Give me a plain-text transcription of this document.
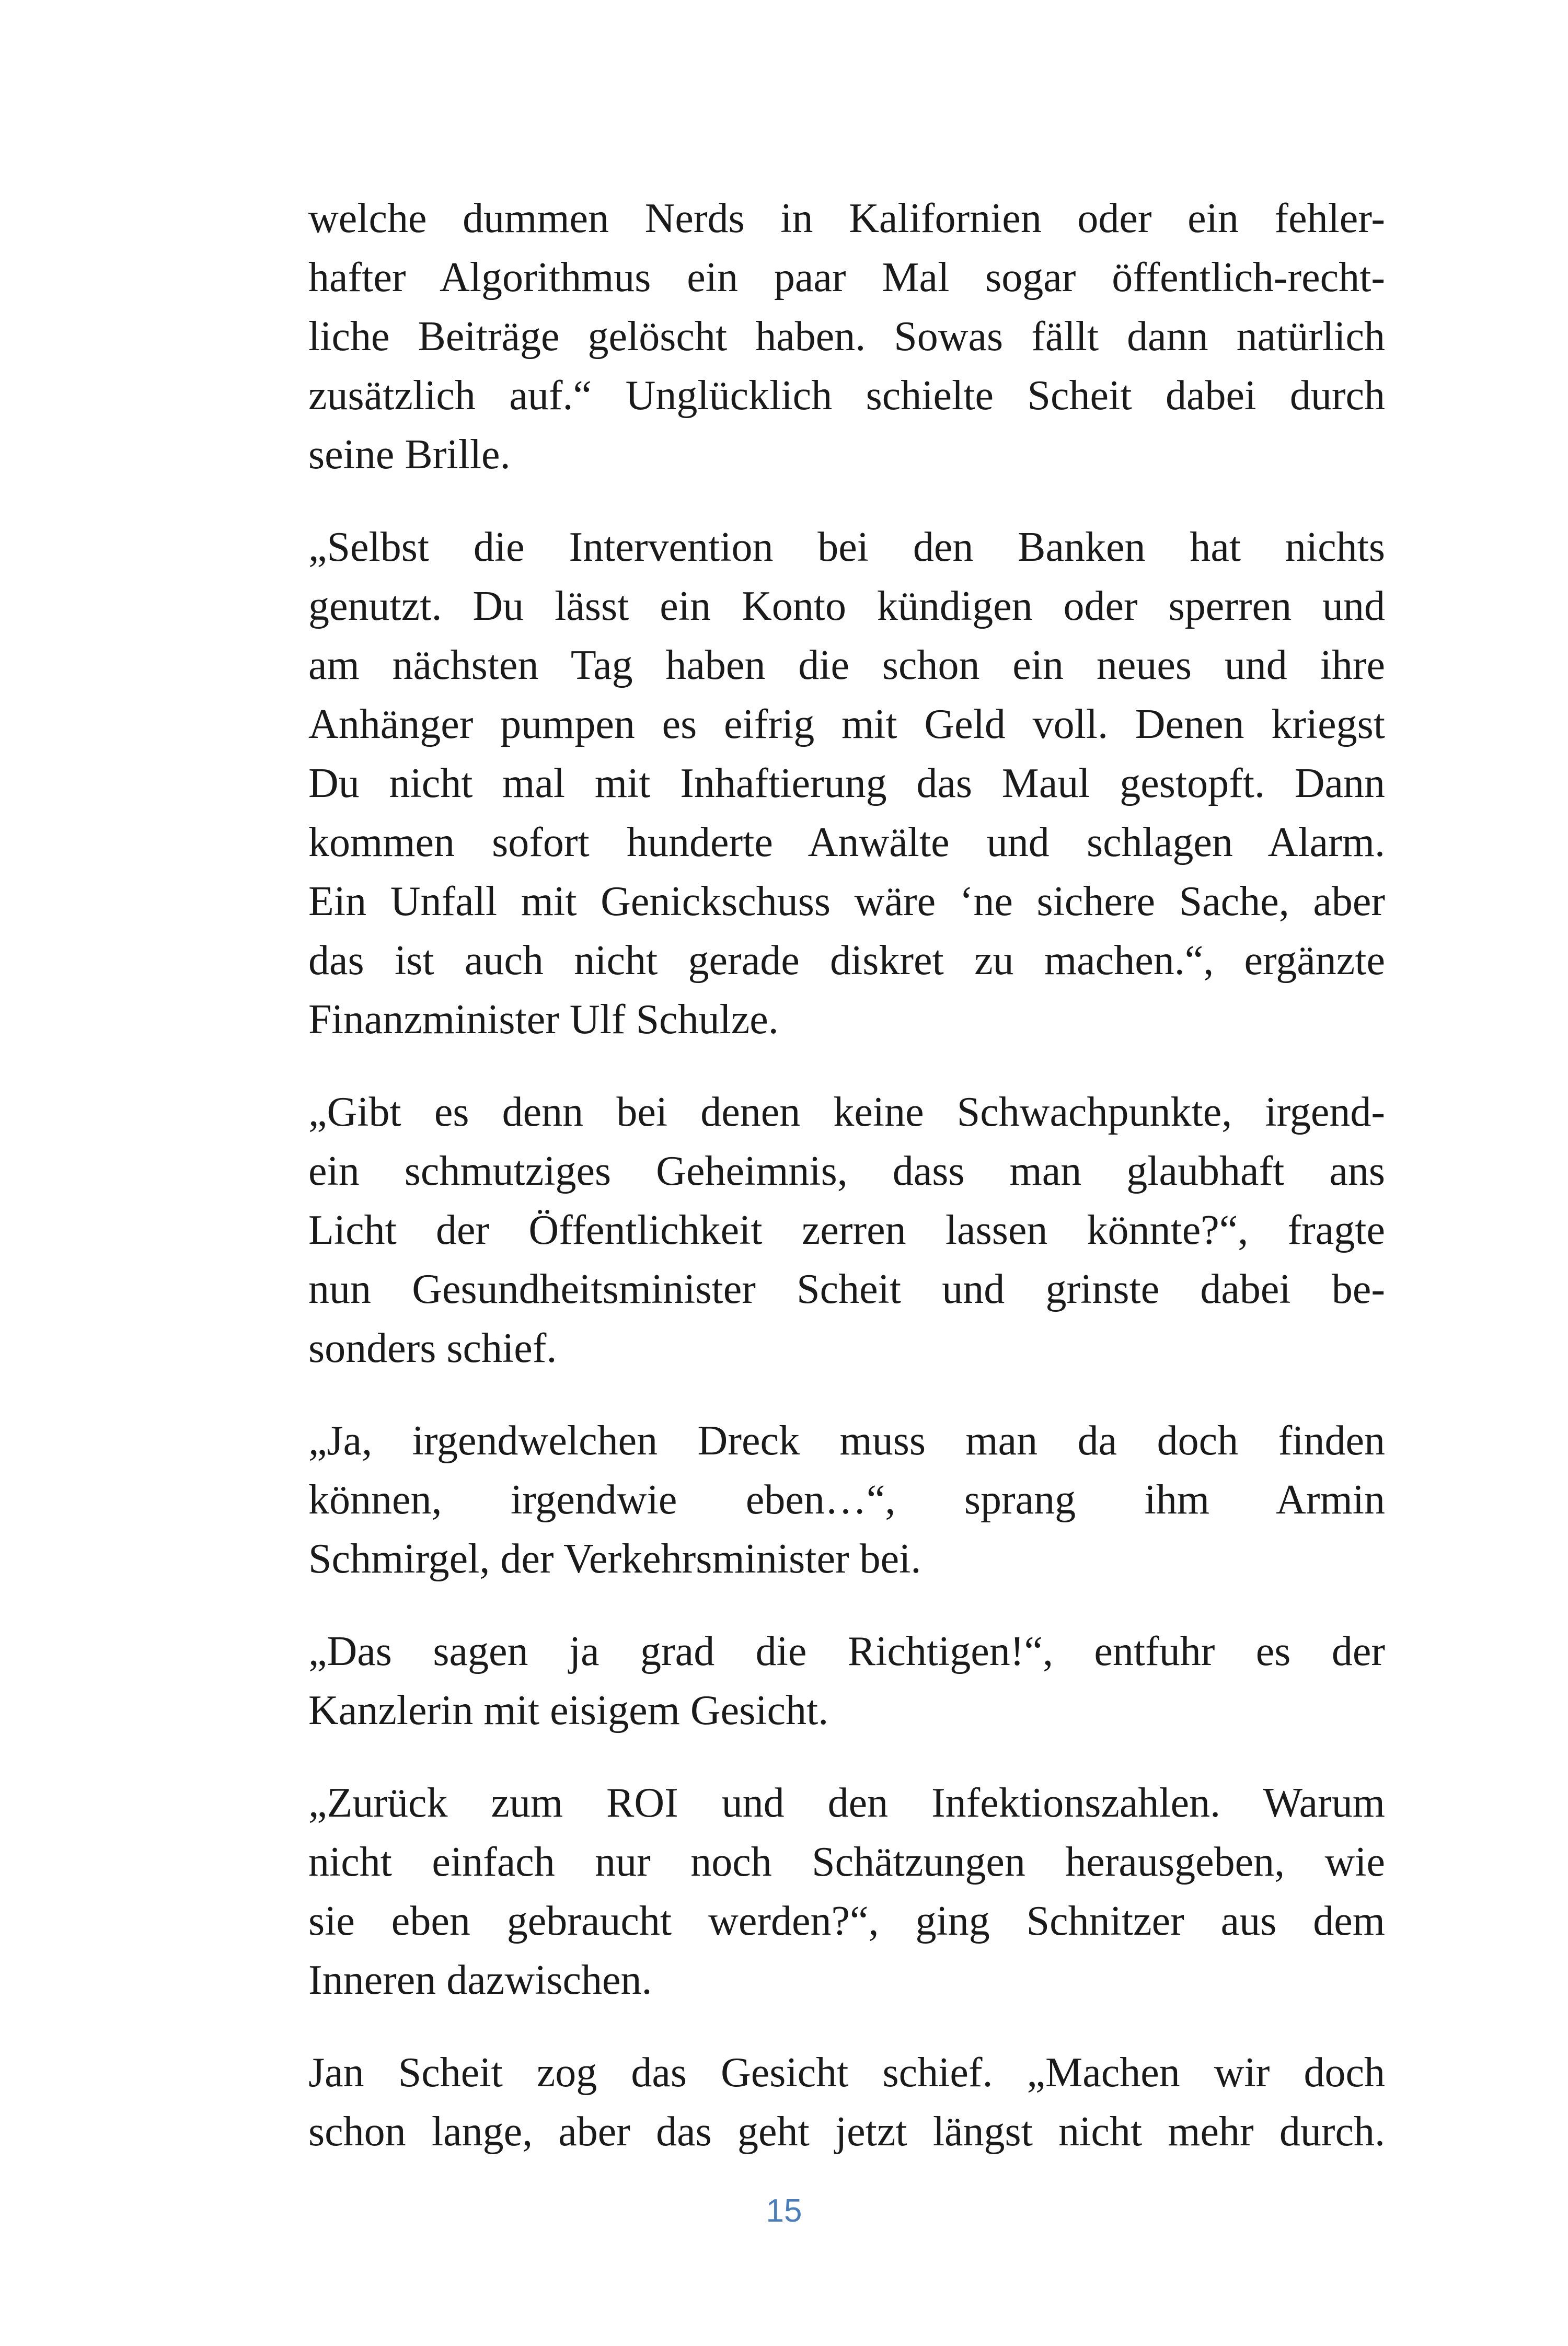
welche dummen Nerds in Kalifornien oder ein fehler-
hafter Algorithmus ein paar Mal sogar öffentlich-recht-
liche Beiträge gelöscht haben. Sowas fällt dann natürlich
zusätzlich auf.“ Unglücklich schielte Scheit dabei durch
seine Brille.

„Selbst die Intervention bei den Banken hat nichts
genutzt. Du lässt ein Konto kündigen oder sperren und
am nächsten Tag haben die schon ein neues und ihre
Anhänger pumpen es eifrig mit Geld voll. Denen kriegst
Du nicht mal mit Inhaftierung das Maul gestopft. Dann
kommen sofort hunderte Anwälte und schlagen Alarm.
Ein Unfall mit Genickschuss wäre ‘ne sichere Sache, aber
das ist auch nicht gerade diskret zu machen.“, ergänzte
Finanzminister Ulf Schulze.

„Gibt es denn bei denen keine Schwachpunkte, irgend-
ein schmutziges Geheimnis, dass man glaubhaft ans
Licht der Öffentlichkeit zerren lassen könnte?“, fragte
nun Gesundheitsminister Scheit und grinste dabei be-
sonders schief.

„Ja, irgendwelchen Dreck muss man da doch finden
können, irgendwie eben…“, sprang ihm Armin
Schmirgel, der Verkehrsminister bei.

„Das sagen ja grad die Richtigen!“, entfuhr es der
Kanzlerin mit eisigem Gesicht.

„Zurück zum ROI und den Infektionszahlen. Warum
nicht einfach nur noch Schätzungen herausgeben, wie
sie eben gebraucht werden?“, ging Schnitzer aus dem
Inneren dazwischen.

Jan Scheit zog das Gesicht schief. „Machen wir doch
schon lange, aber das geht jetzt längst nicht mehr durch.

15
